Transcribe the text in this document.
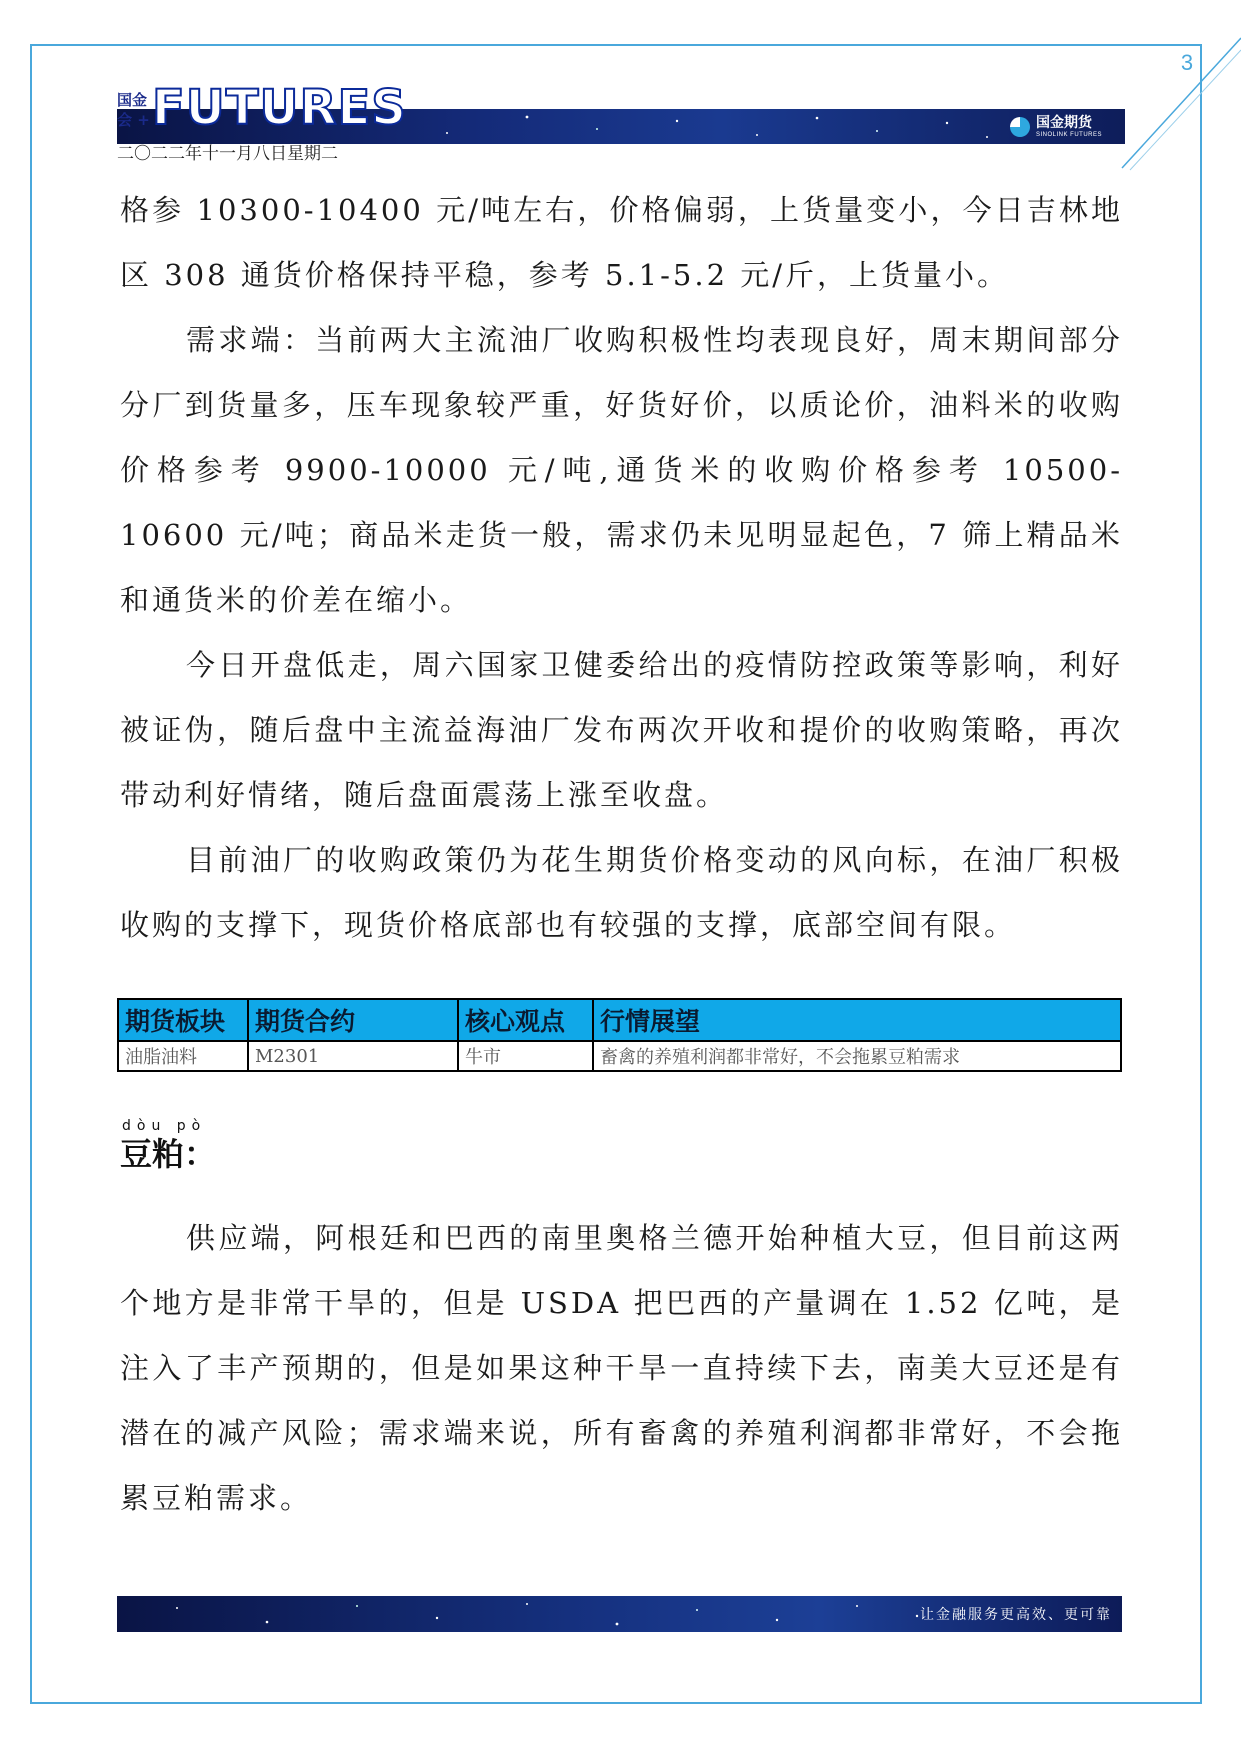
3
国金
会 + FUTURES	国金期货
SINOLINK FUTURES
二〇二二年十一月八日星期二

格参 10300-10400 元/吨左右，价格偏弱，上货量变小，今日吉林地区 308 通货价格保持平稳，参考 5.1-5.2 元/斤，上货量小。

需求端：当前两大主流油厂收购积极性均表现良好，周末期间部分分厂到货量多，压车现象较严重，好货好价，以质论价，油料米的收购价格参考 9900-10000 元/吨,通货米的收购价格参考 10500-10600 元/吨；商品米走货一般，需求仍未见明显起色，7 筛上精品米和通货米的价差在缩小。

今日开盘低走，周六国家卫健委给出的疫情防控政策等影响，利好被证伪，随后盘中主流益海油厂发布两次开收和提价的收购策略，再次带动利好情绪，随后盘面震荡上涨至收盘。

目前油厂的收购政策仍为花生期货价格变动的风向标，在油厂积极收购的支撑下，现货价格底部也有较强的支撑，底部空间有限。

期货板块	期货合约	核心观点	行情展望
油脂油料	M2301	牛市	畜禽的养殖利润都非常好，不会拖累豆粕需求
dòu pò
豆粕：

供应端，阿根廷和巴西的南里奥格兰德开始种植大豆，但目前这两个地方是非常干旱的，但是 USDA 把巴西的产量调在 1.52 亿吨，是注入了丰产预期的，但是如果这种干旱一直持续下去，南美大豆还是有潜在的减产风险；需求端来说，所有畜禽的养殖利润都非常好，不会拖累豆粕需求。

让金融服务更高效、更可靠
